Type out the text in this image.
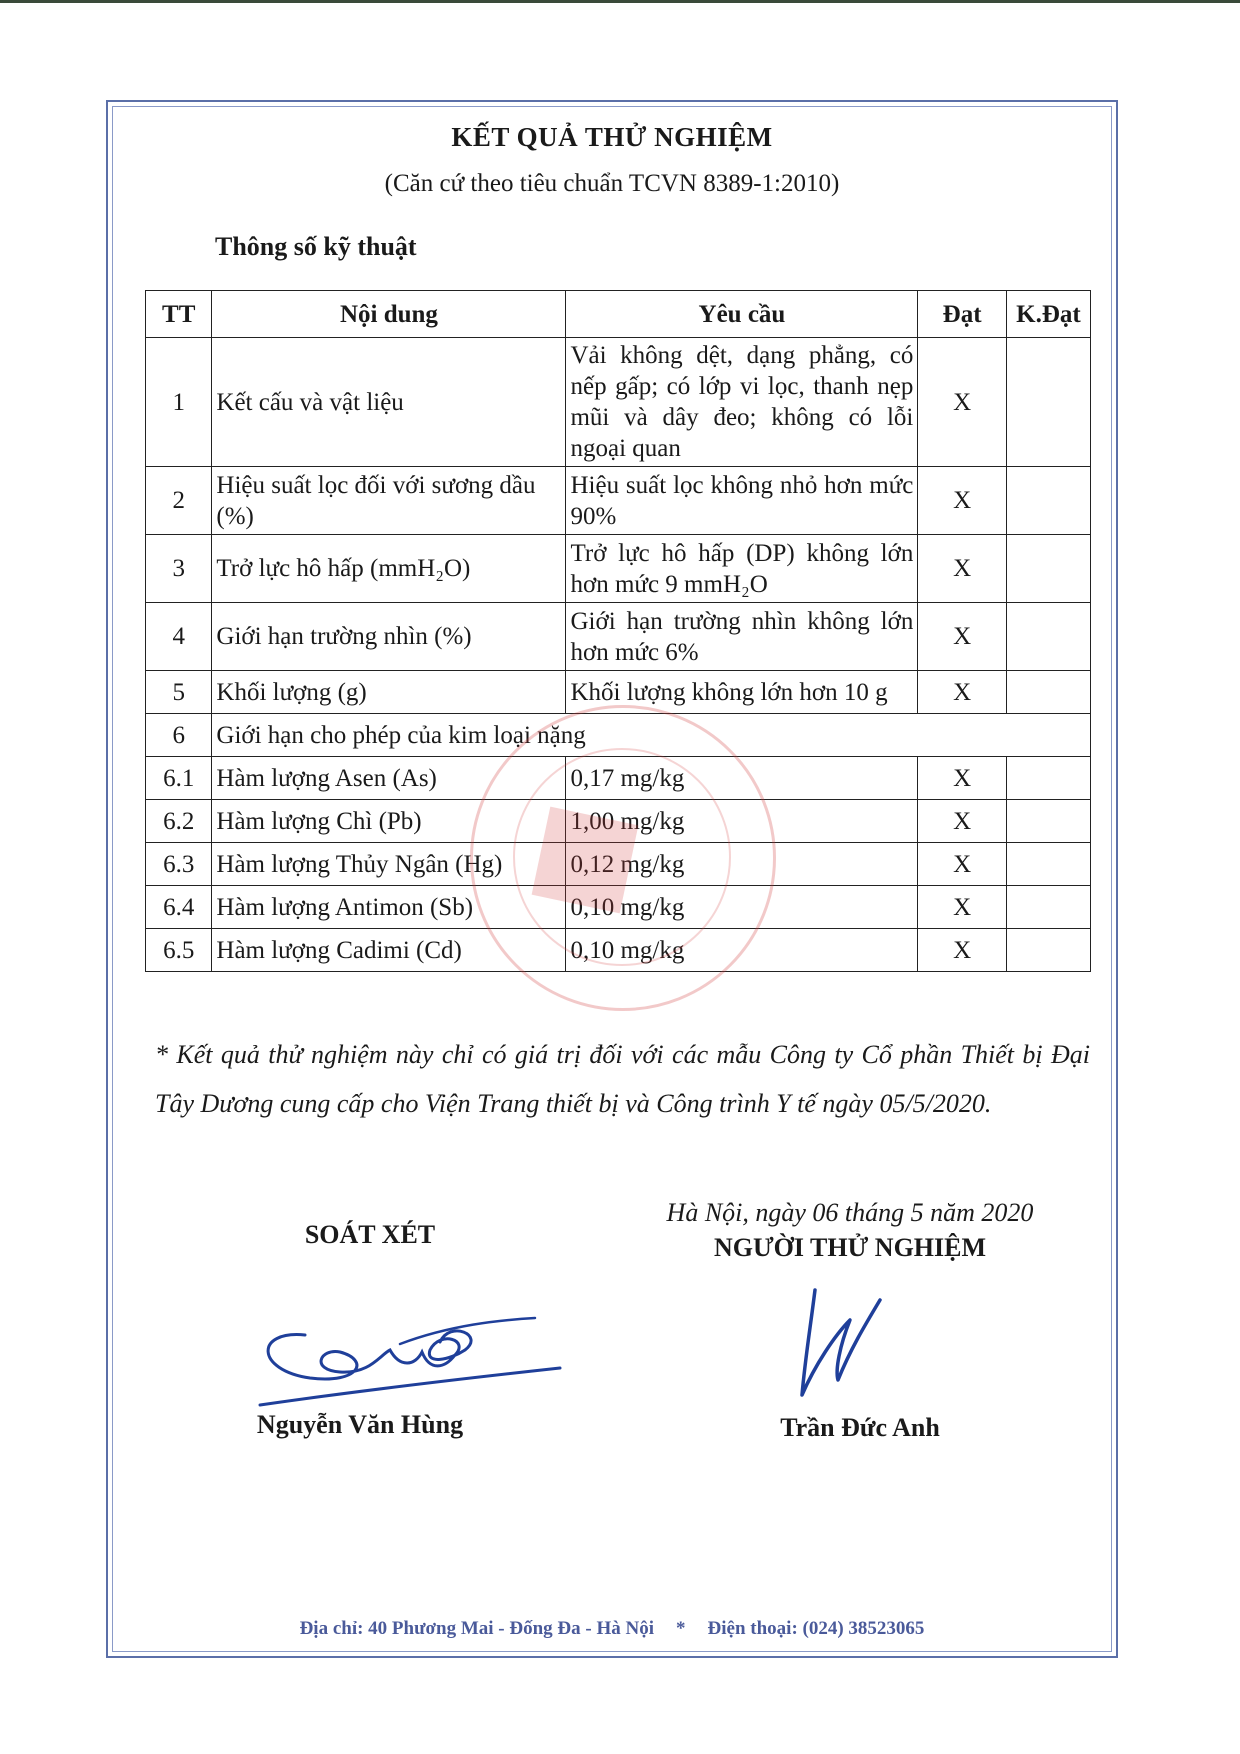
KẾT QUẢ THỬ NGHIỆM
(Căn cứ theo tiêu chuẩn TCVN 8389-1:2010)
Thông số kỹ thuật
TT	Nội dung	Yêu cầu	Đạt	K.Đạt
1	Kết cấu và vật liệu	Vải không dệt, dạng phẳng, có nếp gấp; có lớp vi lọc, thanh nẹp mũi và dây đeo; không có lỗi ngoại quan	X	
2	Hiệu suất lọc đối với sương dầu (%)	Hiệu suất lọc không nhỏ hơn mức 90%	X	
3	Trở lực hô hấp (mmH₂O)	Trở lực hô hấp (DP) không lớn hơn mức 9 mmH₂O	X	
4	Giới hạn trường nhìn (%)	Giới hạn trường nhìn không lớn hơn mức 6%	X	
5	Khối lượng (g)	Khối lượng không lớn hơn 10 g	X	
6	Giới hạn cho phép của kim loại nặng			
6.1	Hàm lượng Asen (As)	0,17 mg/kg	X	
6.2	Hàm lượng Chì (Pb)	1,00 mg/kg	X	
6.3	Hàm lượng Thủy Ngân (Hg)	0,12 mg/kg	X	
6.4	Hàm lượng Antimon (Sb)	0,10 mg/kg	X	
6.5	Hàm lượng Cadimi (Cd)	0,10 mg/kg	X	
* Kết quả thử nghiệm này chỉ có giá trị đối với các mẫu Công ty Cổ phần Thiết bị Đại Tây Dương cung cấp cho Viện Trang thiết bị và Công trình Y tế ngày 05/5/2020.
SOÁT XÉT
Hà Nội, ngày 06 tháng 5 năm 2020
NGƯỜI THỬ NGHIỆM
Nguyễn Văn Hùng	Trần Đức Anh
Địa chỉ: 40 Phương Mai - Đống Đa - Hà Nội * Điện thoại: (024) 38523065
